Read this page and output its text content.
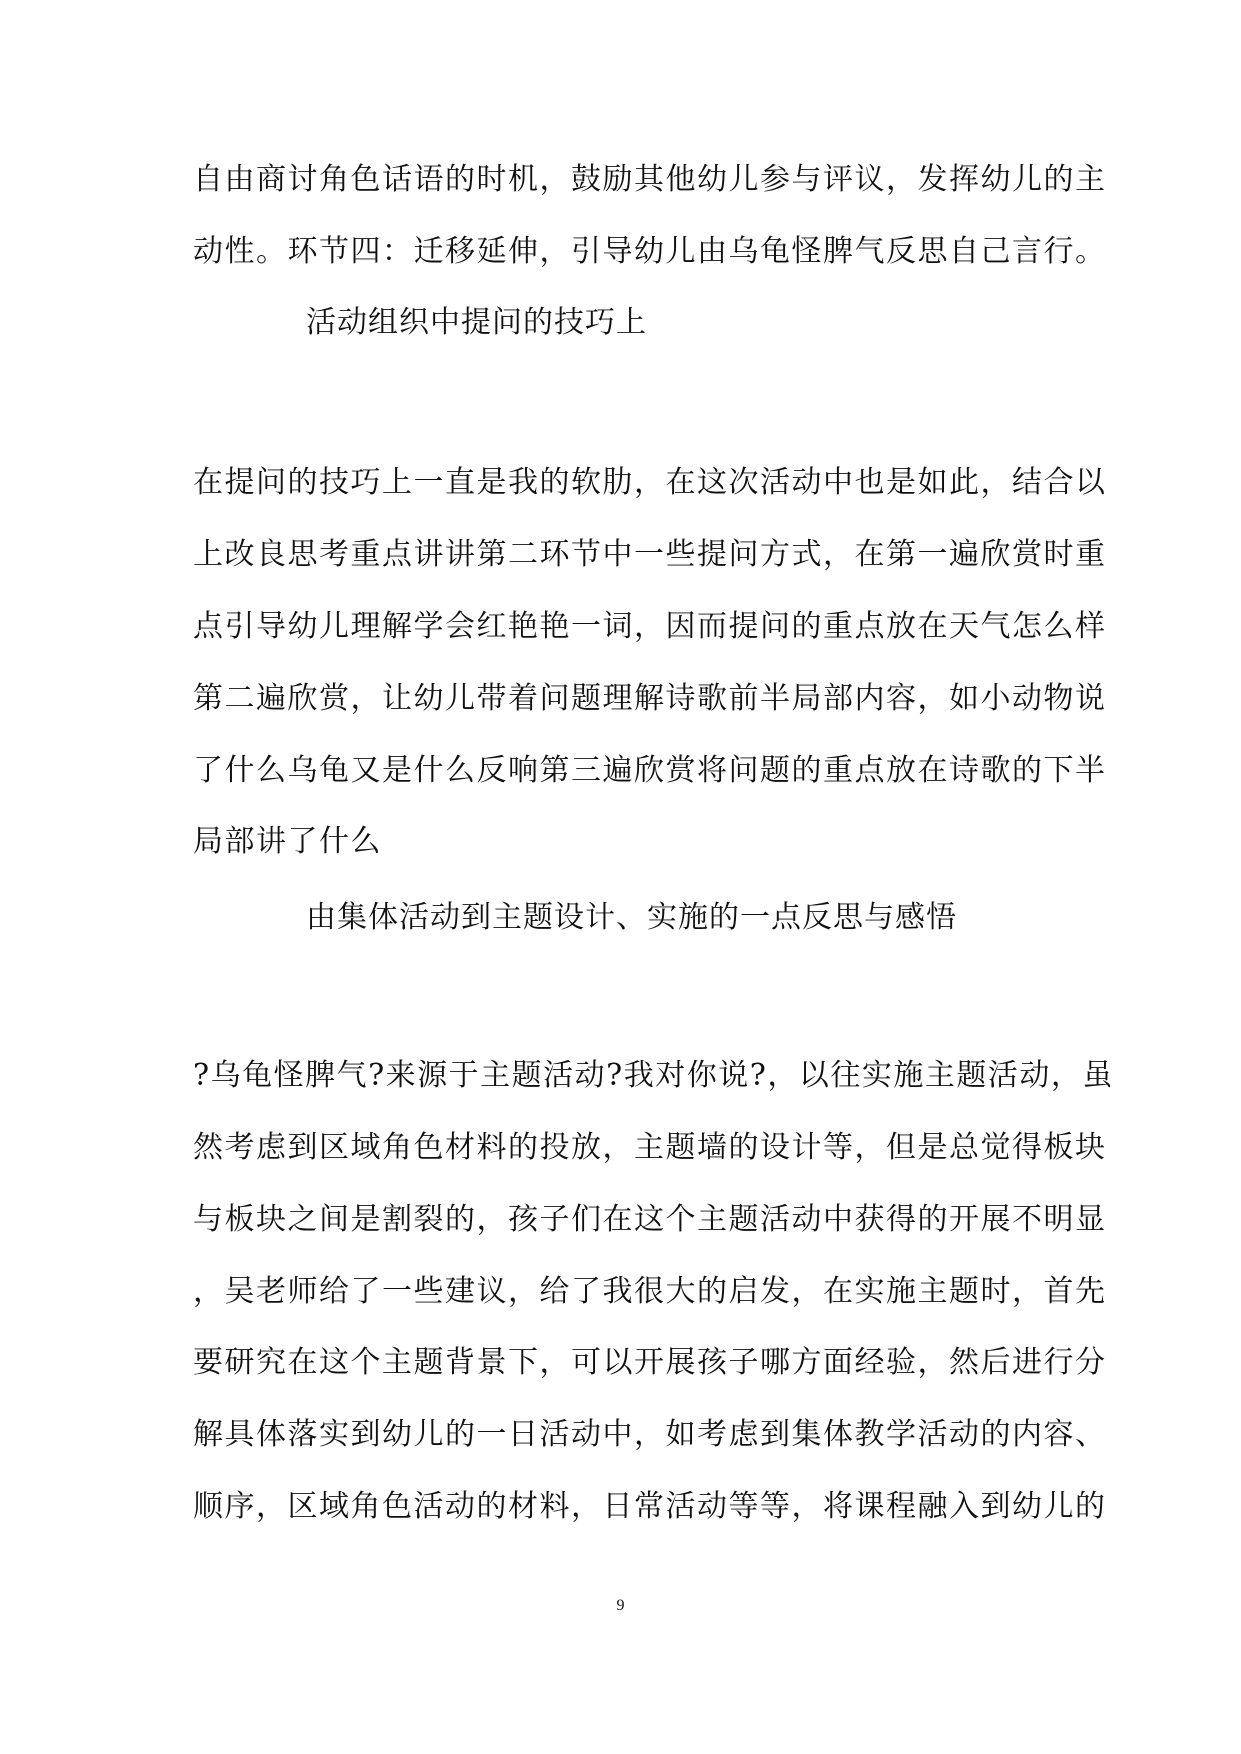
自由商讨角色话语的时机，鼓励其他幼儿参与评议，发挥幼儿的主
动性。环节四：迁移延伸，引导幼儿由乌龟怪脾气反思自己言行。
活动组织中提问的技巧上
在提问的技巧上一直是我的软肋，在这次活动中也是如此，结合以
上改良思考重点讲讲第二环节中一些提问方式，在第一遍欣赏时重
点引导幼儿理解学会红艳艳一词，因而提问的重点放在天气怎么样
第二遍欣赏，让幼儿带着问题理解诗歌前半局部内容，如小动物说
了什么乌龟又是什么反响第三遍欣赏将问题的重点放在诗歌的下半
局部讲了什么
由集体活动到主题设计、实施的一点反思与感悟
?乌龟怪脾气?来源于主题活动?我对你说?，以往实施主题活动，虽
然考虑到区域角色材料的投放，主题墙的设计等，但是总觉得板块
与板块之间是割裂的，孩子们在这个主题活动中获得的开展不明显
，吴老师给了一些建议，给了我很大的启发，在实施主题时，首先
要研究在这个主题背景下，可以开展孩子哪方面经验，然后进行分
解具体落实到幼儿的一日活动中，如考虑到集体教学活动的内容、
顺序，区域角色活动的材料，日常活动等等，将课程融入到幼儿的
9
